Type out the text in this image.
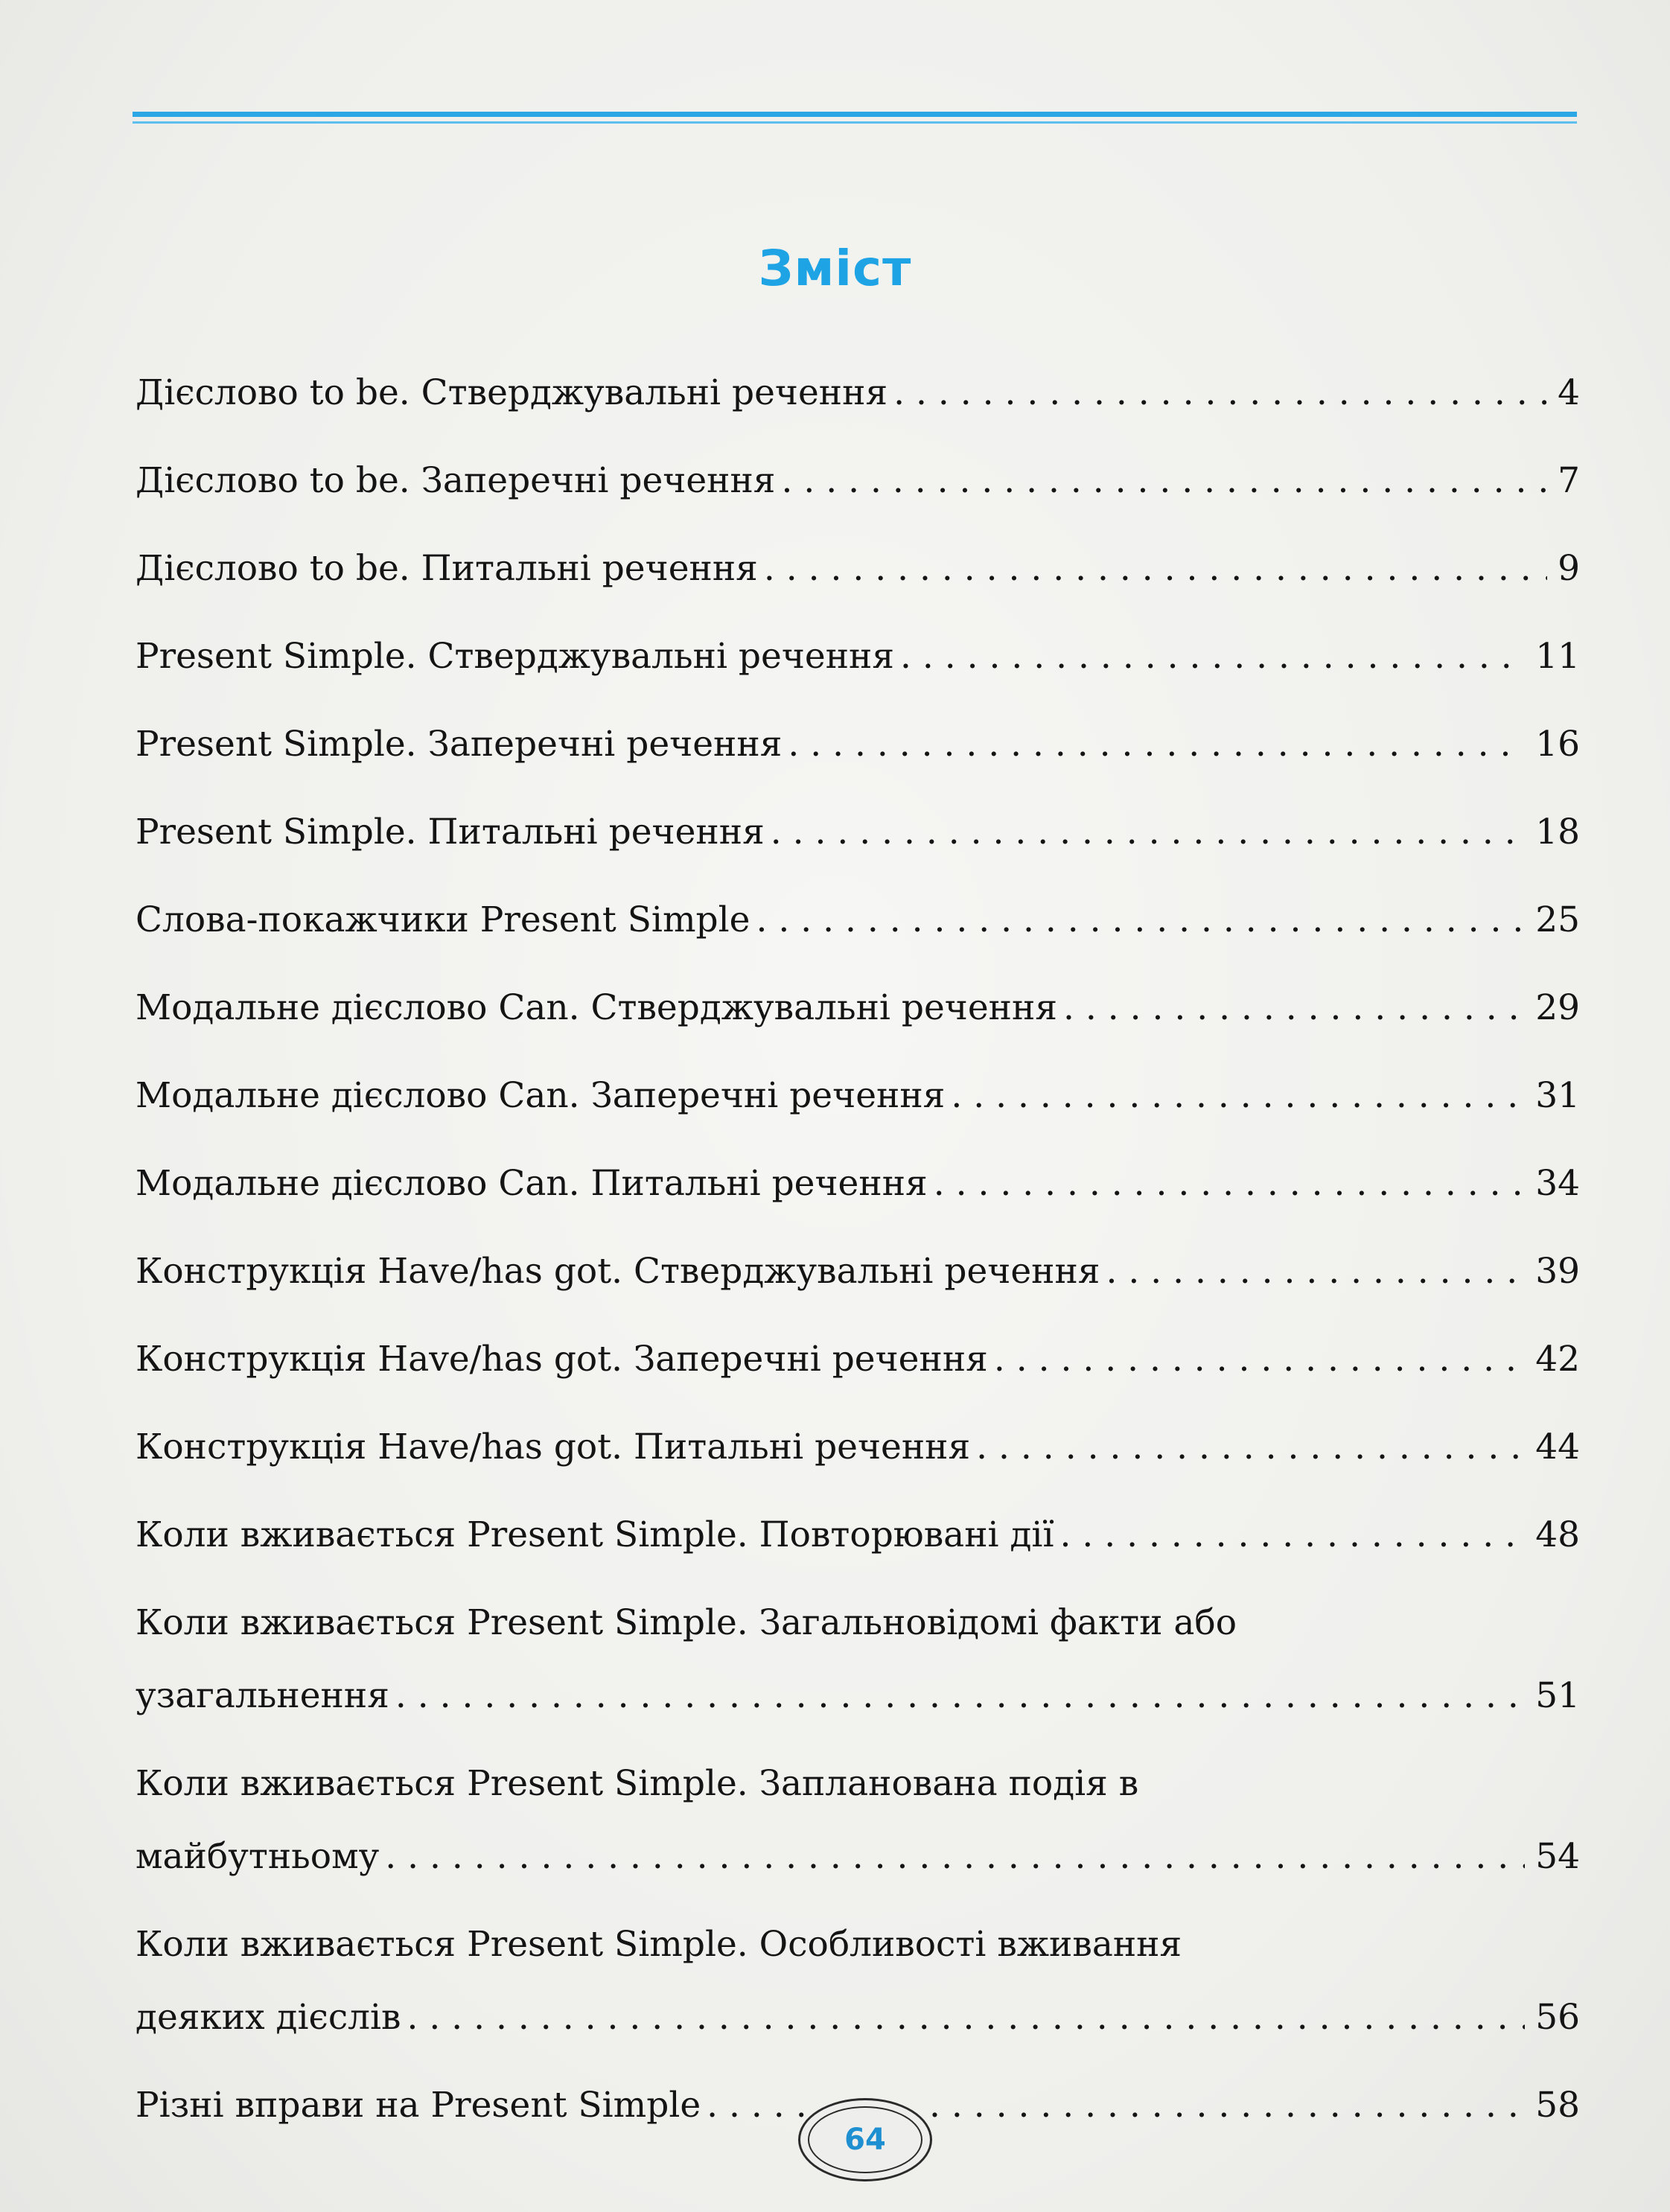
Зміст
Дієслово to be. Стверджувальні речення . . .	4
Дієслово to be. Заперечні речення . . .	7
Дієслово to be. Питальні речення . . .	9
Present Simple. Стверджувальні речення . . .	11
Present Simple. Заперечні речення . . .	16
Present Simple. Питальні речення . . .	18
Слова-покажчики Present Simple . . .	25
Модальне дієслово Can. Стверджувальні речення . . .	29
Модальне дієслово Can. Заперечні речення . . .	31
Модальне дієслово Can. Питальні речення . . .	34
Конструкція Have/has got. Стверджувальні речення . . .	39
Конструкція Have/has got. Заперечні речення . . .	42
Конструкція Have/has got. Питальні речення . . .	44
Коли вживається Present Simple. Повторювані дії . . .	48
Коли вживається Present Simple. Загальновідомі факти або
узагальнення . . .	51
Коли вживається Present Simple. Запланована подія в
майбутньому . . .	54
Коли вживається Present Simple. Особливості вживання
деяких дієслів . . .	56
Різні вправи на Present Simple . . .	58
64
